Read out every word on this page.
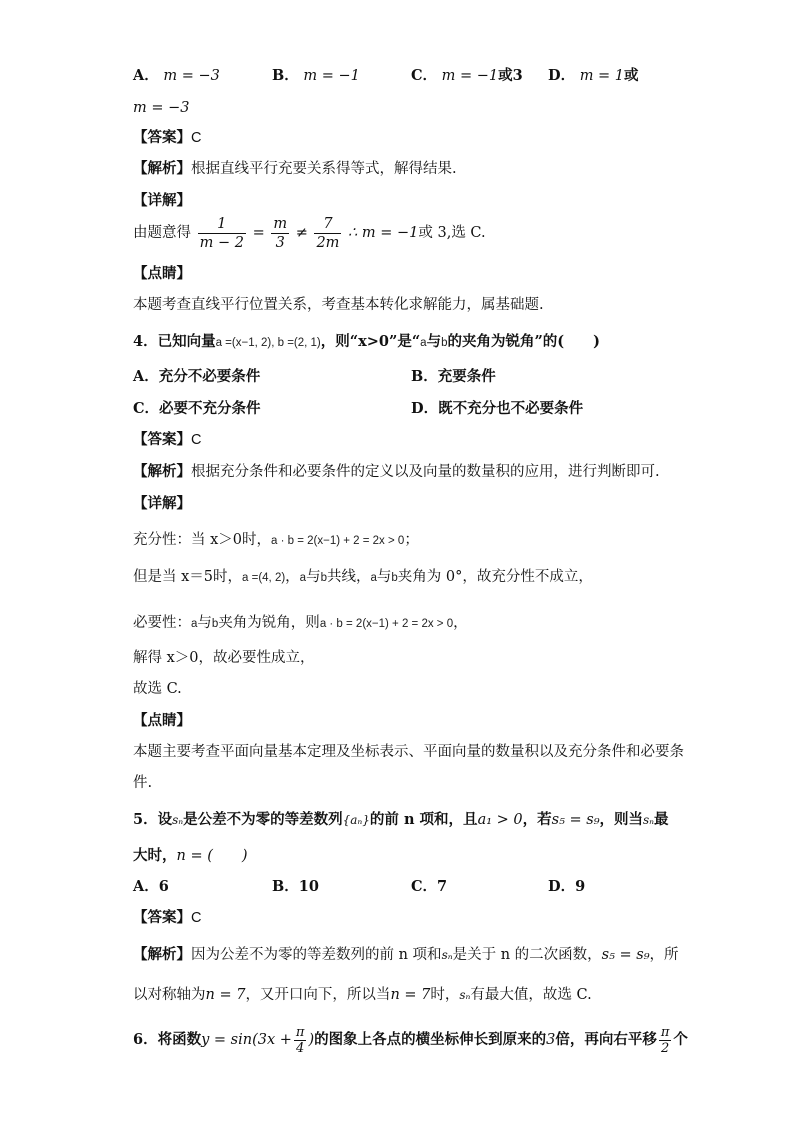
A． m = −3	B． m = −1	C． m = −1或3 D． m = 1或
m = −3
【答案】C
【解析】根据直线平行充要关系得等式，解得结果.
【详解】
由题意得 $\frac{1}{m - 2} = \frac{m}{3} \ne \frac{7}{2m}$ ∴ m = −1或 3,选 C.
【点睛】
本题考查直线平行位置关系，考查基本转化求解能力，属基础题.
4．已知向量a =(x−1, 2), b =(2, 1)，则“x>0”是“a与b的夹角为锐角”的(　　)
A．充分不必要条件	B．充要条件
C．必要不充分条件	D．既不充分也不必要条件
【答案】C
【解析】根据充分条件和必要条件的定义以及向量的数量积的应用，进行判断即可.
【详解】
充分性：当 x＞0时，a · b = 2(x−1) + 2 = 2x > 0；
但是当 x＝5时，a =(4, 2)，a与b共线，a与b夹角为 0°，故充分性不成立，
必要性：a与b夹角为锐角，则a · b = 2(x−1) + 2 = 2x > 0，
解得 x＞0，故必要性成立，
故选 C.
【点睛】
本题主要考查平面向量基本定理及坐标表示、平面向量的数量积以及充分条件和必要条
件.
5．设sₙ是公差不为零的等差数列{aₙ}的前 n 项和，且a₁ > 0，若s₅ = s₉，则当sₙ最
大时，n = (　　)
A．6	B．10	C．7	D．9
【答案】C
【解析】因为公差不为零的等差数列的前 n 项和sₙ是关于 n 的二次函数，s₅ = s₉，所
以对称轴为n = 7，又开口向下，所以当n = 7时，sₙ有最大值，故选 C.
6．将函数$y = \sin(3x + \frac{\pi}{4}$ )的图象上各点的横坐标伸长到原来的3倍，再向右平移 $\frac{\pi}{2}$ 个
